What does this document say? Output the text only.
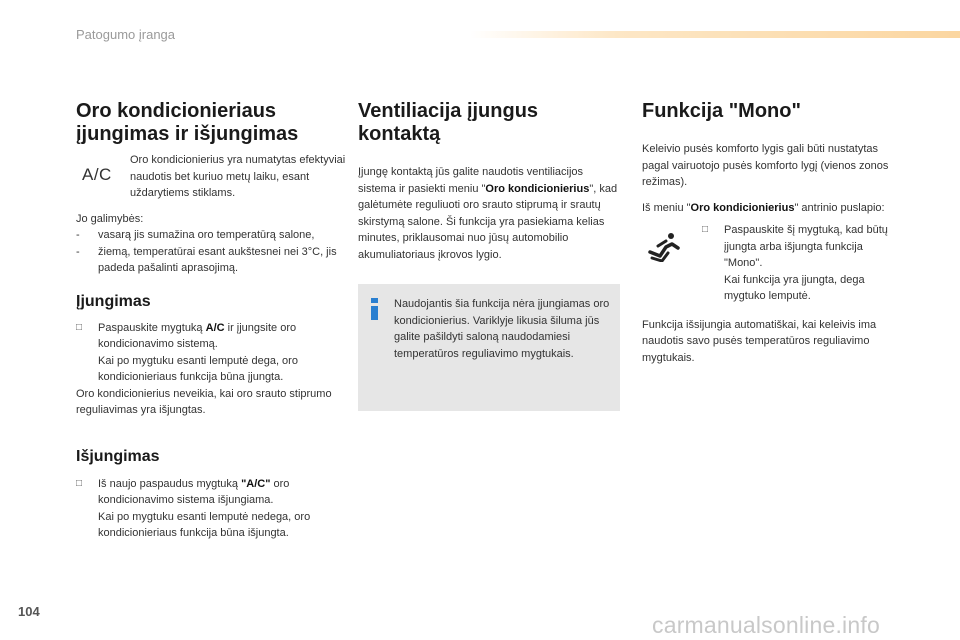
Patogumo įranga
Oro kondicionieriaus
įjungimas ir išjungimas
A/C
Oro kondicionierius yra numatytas efektyviai naudotis bet kuriuo metų laiku, esant uždarytiems stiklams.
Jo galimybės:
-	vasarą jis sumažina oro temperatūrą salone,
-	žiemą, temperatūrai esant aukštesnei nei 3°C, jis padeda pašalinti aprasojimą.
Įjungimas
□	Paspauskite mygtuką A/C ir įjungsite oro kondicionavimo sistemą.
Kai po mygtuku esanti lemputė dega, oro kondicionieriaus funkcija būna įjungta.
Oro kondicionierius neveikia, kai oro srauto stiprumo reguliavimas yra išjungtas.
Išjungimas
□	Iš naujo paspaudus mygtuką "A/C" oro kondicionavimo sistema išjungiama.
Kai po mygtuku esanti lemputė nedega, oro kondicionieriaus funkcija būna išjungta.
Ventiliacija įjungus kontaktą
Įjungę kontaktą jūs galite naudotis ventiliacijos sistema ir pasiekti meniu "Oro kondicionierius", kad galėtumėte reguliuoti oro srauto stiprumą ir srautų skirstymą salone. Ši funkcija yra pasiekiama kelias minutes, priklausomai nuo jūsų automobilio akumuliatoriaus įkrovos lygio.
Naudojantis šia funkcija nėra įjungiamas oro kondicionierius. Variklyje likusia šiluma jūs galite pašildyti saloną naudodamiesi temperatūros reguliavimo mygtukais.
Funkcija "Mono"
Keleivio pusės komforto lygis gali būti nustatytas pagal vairuotojo pusės komforto lygį (vienos zonos režimas).
Iš meniu "Oro kondicionierius" antrinio puslapio:
□	Paspauskite šį mygtuką, kad būtų įjungta arba išjungta funkcija "Mono".
Kai funkcija yra įjungta, dega mygtuko lemputė.
Funkcija išsijungia automatiškai, kai keleivis ima naudotis savo pusės temperatūros reguliavimo mygtukais.
104
carmanualsonline.info
